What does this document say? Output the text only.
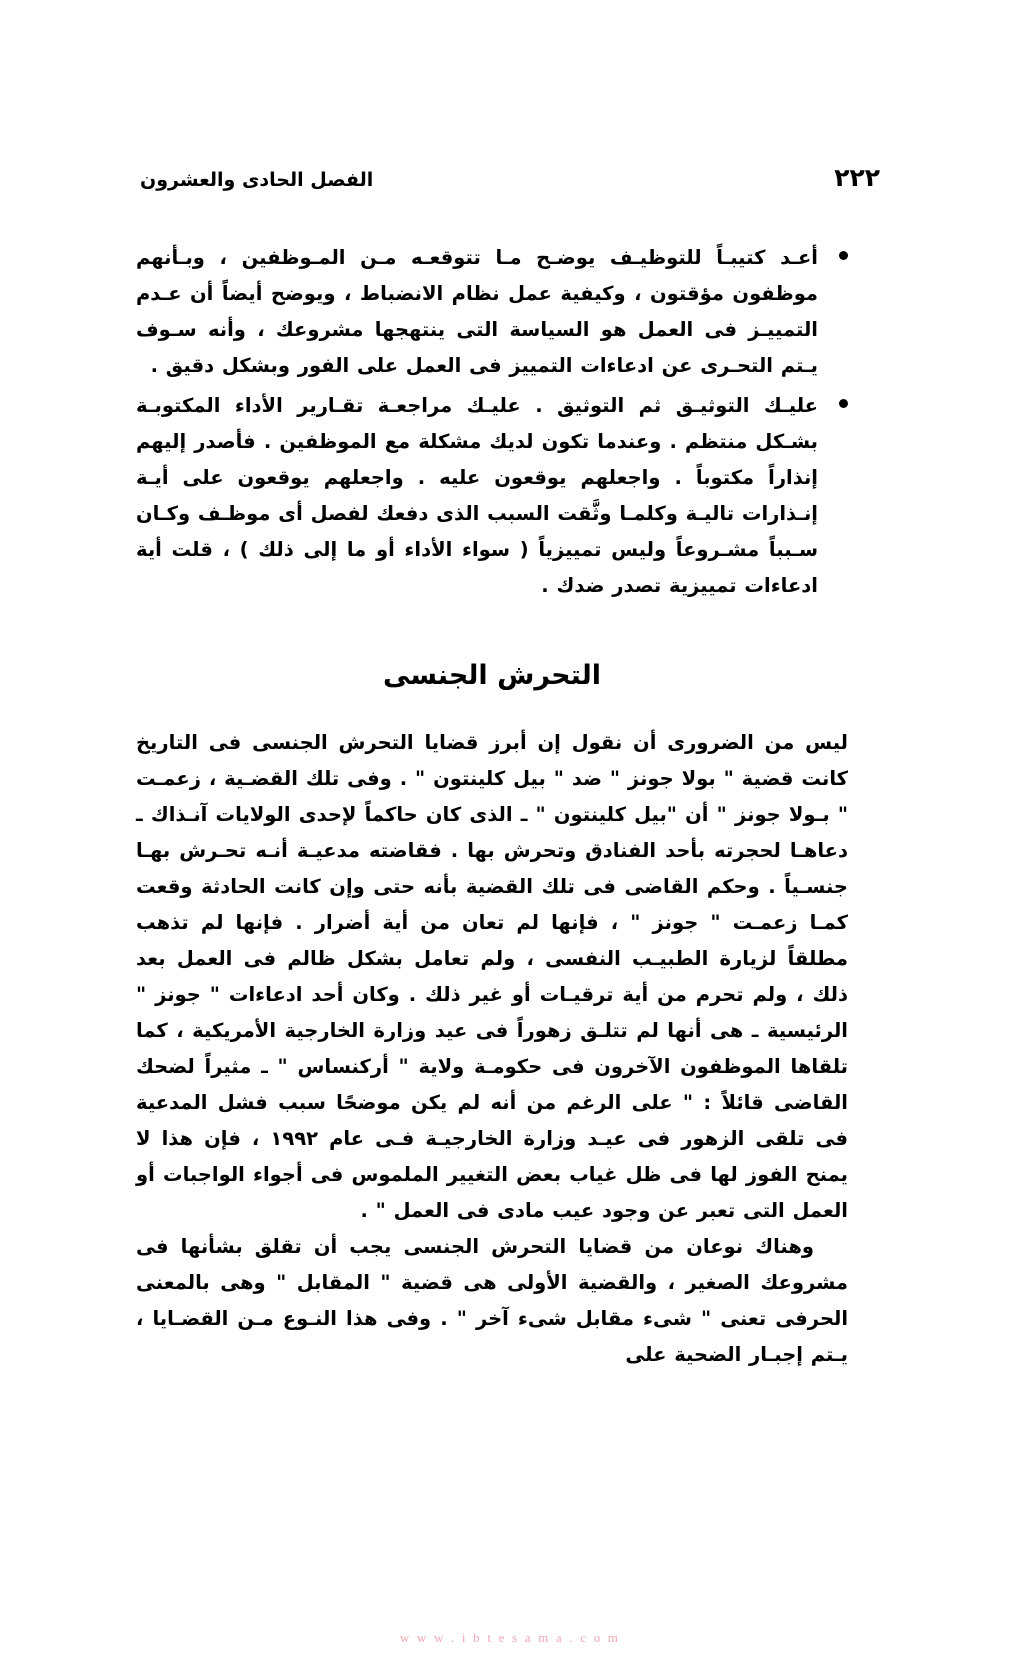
٢٢٢
الفصل الحادى والعشرون
أعـد كتيبـاً للتوظيـف يوضـح مـا تتوقعـه مـن المـوظفين ، وبـأنهم موظفون مؤقتون ، وكيفية عمل نظام الانضباط ، ويوضح أيضاً أن عـدم التمييـز فى العمل هو السياسة التى ينتهجها مشروعك ، وأنه سـوف يـتم التحـرى عن ادعاءات التمييز فى العمل على الفور وبشكل دقيق .
عليـك التوثيـق ثم التوثيق . عليـك مراجعـة تقـارير الأداء المكتوبـة بشـكل منتظم . وعندما تكون لديك مشكلة مع الموظفين . فأصدر إليهم إنذاراً مكتوباً . واجعلهم يوقعون عليه . واجعلهم يوقعون على أيـة إنـذارات تاليـة وكلمـا وثَّقت السبب الذى دفعك لفصل أى موظـف وكـان سـبباً مشـروعاً وليس تمييزياً ( سواء الأداء أو ما إلى ذلك ) ، قلت أية ادعاءات تمييزية تصدر ضدك .
التحرش الجنسى

ليس من الضرورى أن نقول إن أبرز قضايا التحرش الجنسى فى التاريخ كانت قضية " بولا جونز " ضد " بيل كلينتون " . وفى تلك القضـية ، زعمـت " بـولا جونز " أن "بيل كلينتون " ـ الذى كان حاكماً لإحدى الولايات آنـذاك ـ دعاهـا لحجرته بأحد الفنادق وتحرش بها . فقاضته مدعيـة أنـه تحـرش بهـا جنسـياً . وحكم القاضى فى تلك القضية بأنه حتى وإن كانت الحادثة وقعت كمـا زعمـت " جونز " ، فإنها لم تعان من أية أضرار . فإنها لم تذهب مطلقاً لزيارة الطبيـب النفسى ، ولم تعامل بشكل ظالم فى العمل بعد ذلك ، ولم تحرم من أية ترقيـات أو غير ذلك . وكان أحد ادعاءات " جونز " الرئيسية ـ هى أنها لم تتلـق زهوراً فى عيد وزارة الخارجية الأمريكية ، كما تلقاها الموظفون الآخرون فى حكومـة ولاية " أركنساس " ـ مثيراً لضحك القاضى قائلاً : " على الرغم من أنه لم يكن موضحًا سبب فشل المدعية فى تلقى الزهور فى عيـد وزارة الخارجيـة فـى عام ١٩٩٢ ، فإن هذا لا يمنح الفوز لها فى ظل غياب بعض التغيير الملموس فى أجواء الواجبات أو العمل التى تعبر عن وجود عيب مادى فى العمل " .

وهناك نوعان من قضايا التحرش الجنسى يجب أن تقلق بشأنها فى مشروعك الصغير ، والقضية الأولى هى قضية " المقابل " وهى بالمعنى الحرفى تعنى " شىء مقابل شىء آخر " . وفى هذا النـوع مـن القضـايا ، يـتم إجبـار الضحية على

w w w . i b t e s a m a . c o m
